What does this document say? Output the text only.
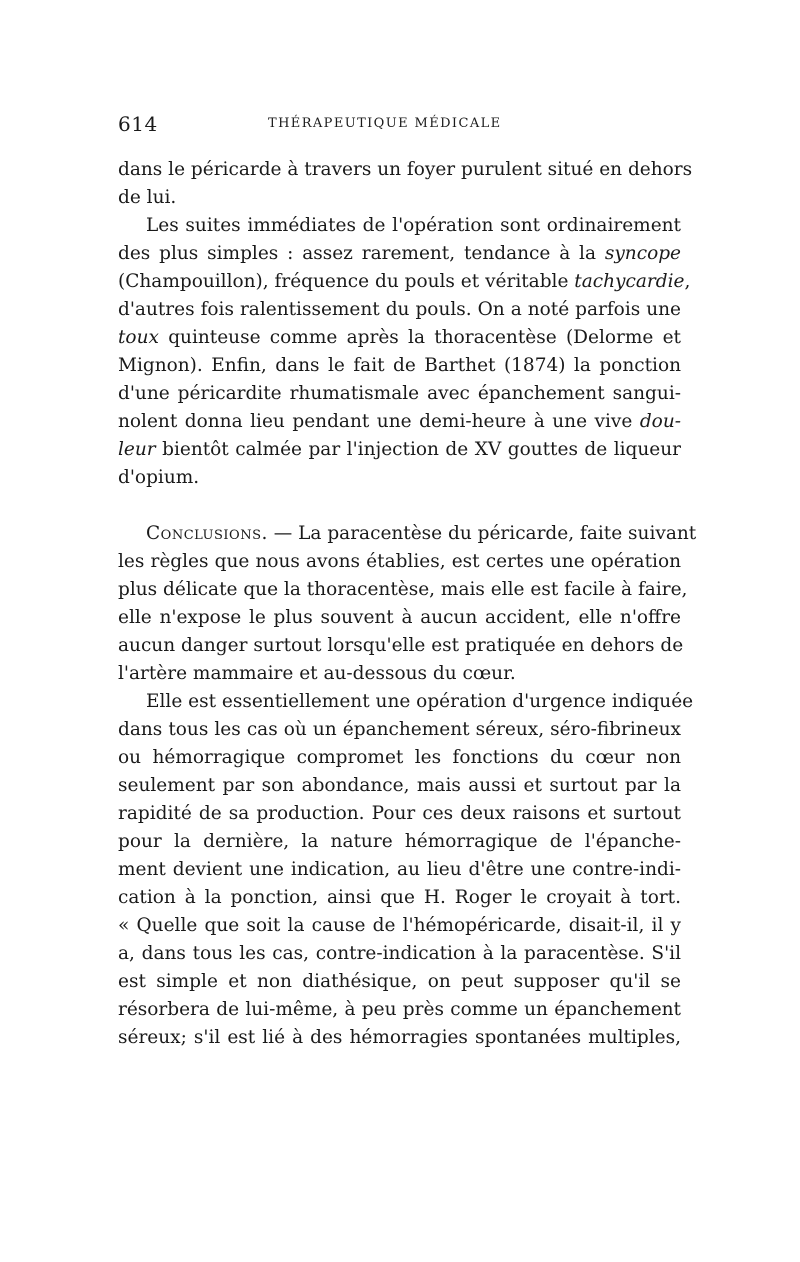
614	THÉRAPEUTIQUE MÉDICALE
dans le péricarde à travers un foyer purulent situé en dehors
de lui.
Les suites immédiates de l'opération sont ordinairement
des plus simples : assez rarement, tendance à la syncope
(Champouillon), fréquence du pouls et véritable tachycardie,
d'autres fois ralentissement du pouls. On a noté parfois une
toux quinteuse comme après la thoracentèse (Delorme et
Mignon). Enfin, dans le fait de Barthet (1874) la ponction
d'une péricardite rhumatismale avec épanchement sangui-
nolent donna lieu pendant une demi-heure à une vive dou-
leur bientôt calmée par l'injection de XV gouttes de liqueur
d'opium.
Conclusions. — La paracentèse du péricarde, faite suivant
les règles que nous avons établies, est certes une opération
plus délicate que la thoracentèse, mais elle est facile à faire,
elle n'expose le plus souvent à aucun accident, elle n'offre
aucun danger surtout lorsqu'elle est pratiquée en dehors de
l'artère mammaire et au-dessous du cœur.
Elle est essentiellement une opération d'urgence indiquée
dans tous les cas où un épanchement séreux, séro-fibrineux
ou hémorragique compromet les fonctions du cœur non
seulement par son abondance, mais aussi et surtout par la
rapidité de sa production. Pour ces deux raisons et surtout
pour la dernière, la nature hémorragique de l'épanche-
ment devient une indication, au lieu d'être une contre-indi-
cation à la ponction, ainsi que H. Roger le croyait à tort.
« Quelle que soit la cause de l'hémopéricarde, disait-il, il y
a, dans tous les cas, contre-indication à la paracentèse. S'il
est simple et non diathésique, on peut supposer qu'il se
résorbera de lui-même, à peu près comme un épanchement
séreux; s'il est lié à des hémorragies spontanées multiples,
